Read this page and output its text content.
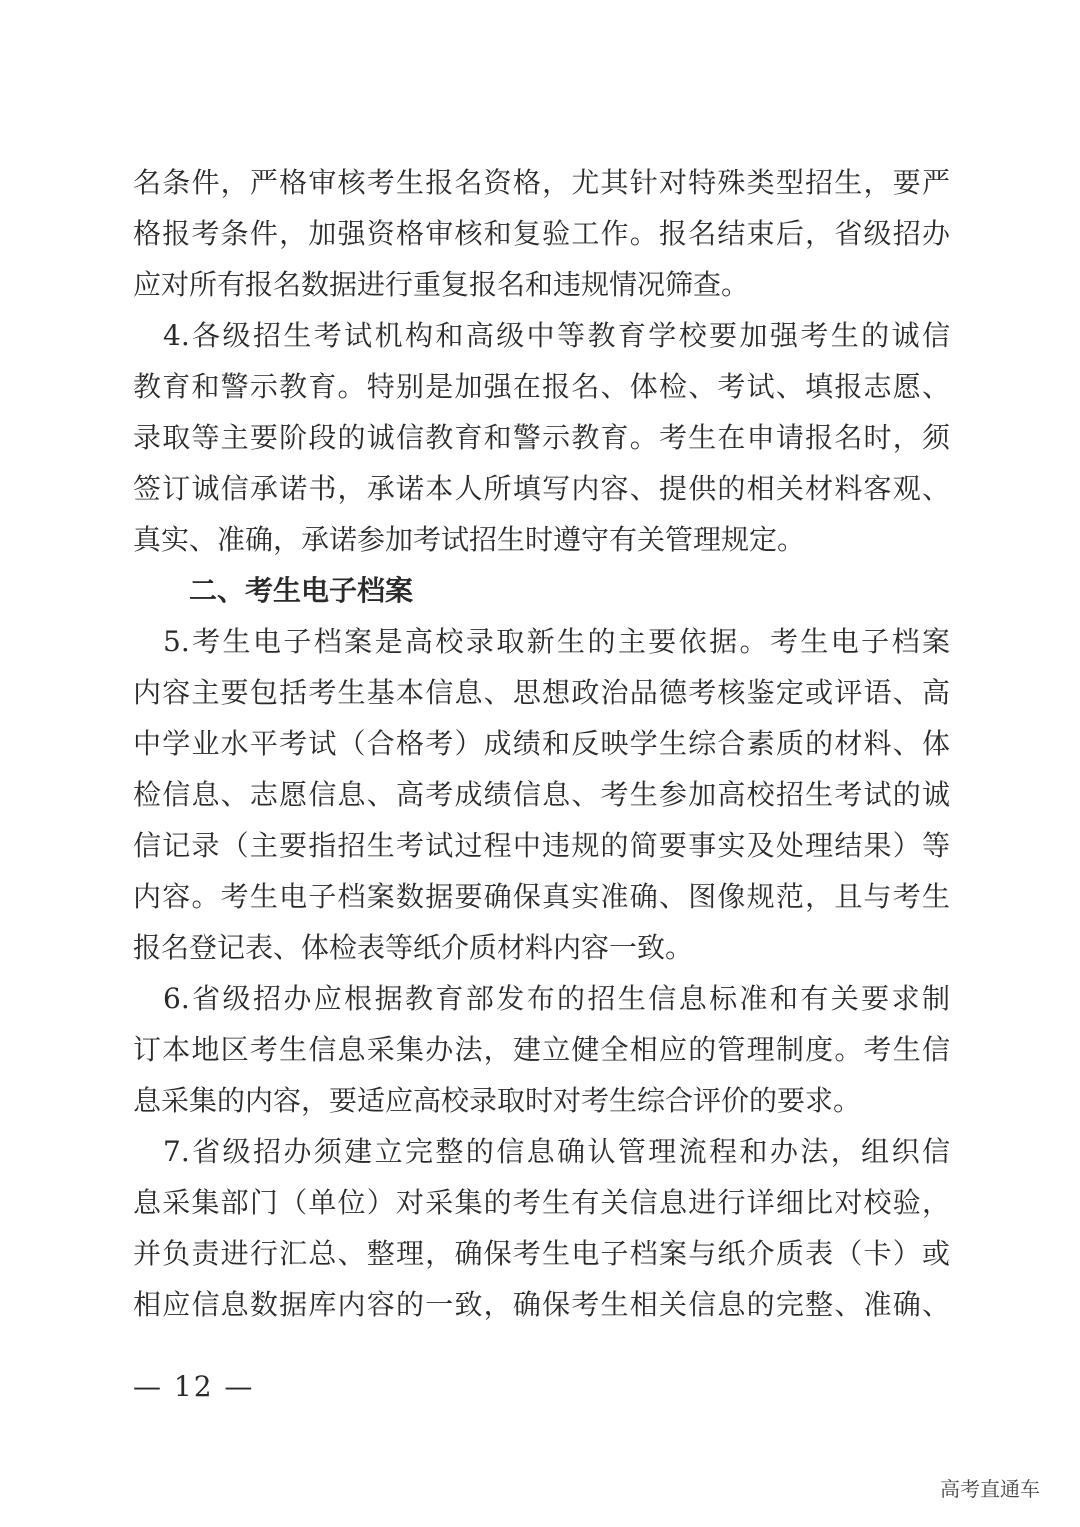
名条件，严格审核考生报名资格，尤其针对特殊类型招生，要严
格报考条件，加强资格审核和复验工作。报名结束后，省级招办
应对所有报名数据进行重复报名和违规情况筛查。
4.各级招生考试机构和高级中等教育学校要加强考生的诚信
教育和警示教育。特别是加强在报名、体检、考试、填报志愿、
录取等主要阶段的诚信教育和警示教育。考生在申请报名时，须
签订诚信承诺书，承诺本人所填写内容、提供的相关材料客观、
真实、准确，承诺参加考试招生时遵守有关管理规定。
二、考生电子档案
5.考生电子档案是高校录取新生的主要依据。考生电子档案
内容主要包括考生基本信息、思想政治品德考核鉴定或评语、高
中学业水平考试（合格考）成绩和反映学生综合素质的材料、体
检信息、志愿信息、高考成绩信息、考生参加高校招生考试的诚
信记录（主要指招生考试过程中违规的简要事实及处理结果）等
内容。考生电子档案数据要确保真实准确、图像规范，且与考生
报名登记表、体检表等纸介质材料内容一致。
6.省级招办应根据教育部发布的招生信息标准和有关要求制
订本地区考生信息采集办法，建立健全相应的管理制度。考生信
息采集的内容，要适应高校录取时对考生综合评价的要求。
7.省级招办须建立完整的信息确认管理流程和办法，组织信
息采集部门（单位）对采集的考生有关信息进行详细比对校验，
并负责进行汇总、整理，确保考生电子档案与纸介质表（卡）或
相应信息数据库内容的一致，确保考生相关信息的完整、准确、
— 12 —
高考直通车
